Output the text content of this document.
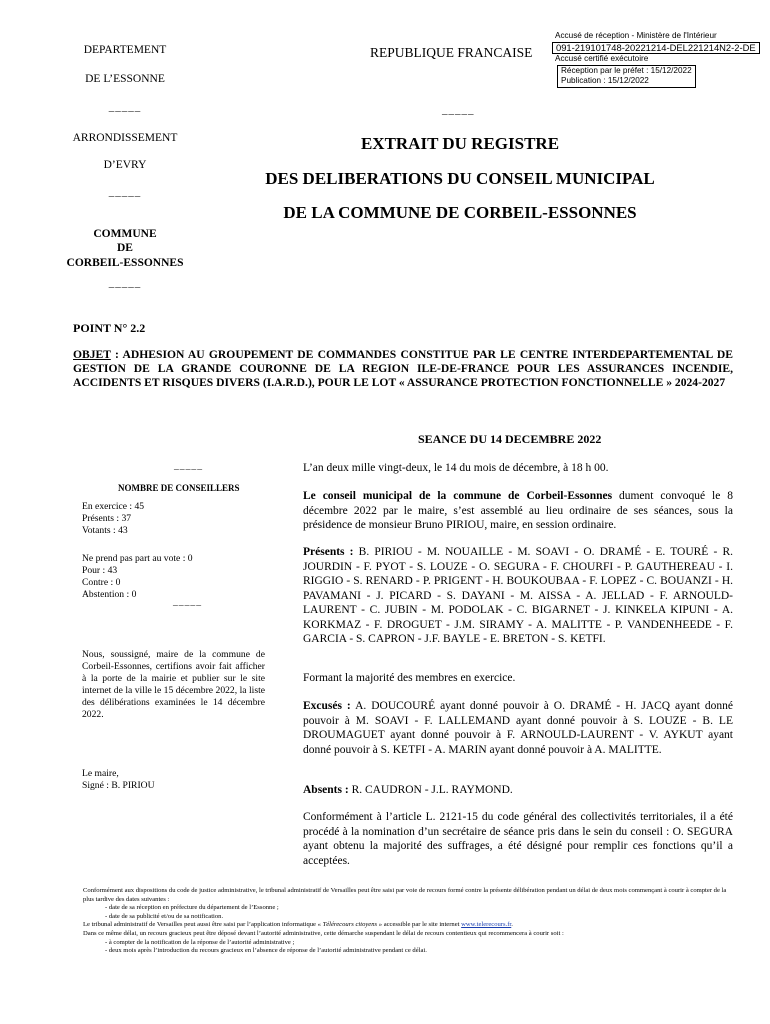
DEPARTEMENT
DE L’ESSONNE
_____
ARRONDISSEMENT
D’EVRY
_____
COMMUNE
DE
CORBEIL-ESSONNES
_____
REPUBLIQUE FRANCAISE
_____
Accusé de réception - Ministère de l'Intérieur
091-219101748-20221214-DEL221214N2-2-DE
Accusé certifié exécutoire
Réception par le préfet : 15/12/2022
Publication : 15/12/2022
EXTRAIT DU REGISTRE
DES DELIBERATIONS DU CONSEIL MUNICIPAL
DE LA COMMUNE DE CORBEIL-ESSONNES
POINT N° 2.2
OBJET : ADHESION AU GROUPEMENT DE COMMANDES CONSTITUE PAR LE CENTRE INTERDEPARTEMENTAL DE GESTION DE LA GRANDE COURONNE DE LA REGION ILE-DE-FRANCE POUR LES ASSURANCES INCENDIE, ACCIDENTS ET RISQUES DIVERS (I.A.R.D.), POUR LE LOT « ASSURANCE PROTECTION FONCTIONNELLE » 2024-2027
SEANCE DU 14 DECEMBRE 2022
_____
NOMBRE DE CONSEILLERS
En exercice : 45
Présents : 37
Votants : 43
Ne prend pas part au vote : 0
Pour : 43
Contre : 0
Abstention : 0
_____
Nous, soussigné, maire de la commune de Corbeil-Essonnes, certifions avoir fait afficher à la porte de la mairie et publier sur le site internet de la ville le 15 décembre 2022, la liste des délibérations examinées le 14 décembre 2022.
Le maire,
Signé : B. PIRIOU
L’an deux mille vingt-deux, le 14 du mois de décembre, à 18 h 00.
Le conseil municipal de la commune de Corbeil-Essonnes dument convoqué le 8 décembre 2022 par le maire, s’est assemblé au lieu ordinaire de ses séances, sous la présidence de monsieur Bruno PIRIOU, maire, en session ordinaire.
Présents : B. PIRIOU - M. NOUAILLE - M. SOAVI - O. DRAMÉ - E. TOURÉ - R. JOURDIN - F. PYOT - S. LOUZE - O. SEGURA - F. CHOURFI - P. GAUTHEREAU - I. RIGGIO - S. RENARD - P. PRIGENT - H. BOUKOUBAA - F. LOPEZ - C. BOUANZI - H. PAVAMANI - J. PICARD - S. DAYANI - M. AISSA - A. JELLAD - F. ARNOULD-LAURENT - C. JUBIN - M. PODOLAK - C. BIGARNET - J. KINKELA KIPUNI - A. KORKMAZ - F. DROGUET - J.M. SIRAMY - A. MALITTE - P. VANDENHEEDE - F. GARCIA - S. CAPRON - J.F. BAYLE - E. BRETON - S. KETFI.
Formant la majorité des membres en exercice.
Excusés : A. DOUCOURÉ ayant donné pouvoir à O. DRAMÉ - H. JACQ ayant donné pouvoir à M. SOAVI - F. LALLEMAND ayant donné pouvoir à S. LOUZE - B. LE DROUMAGUET ayant donné pouvoir à F. ARNOULD-LAURENT - V. AYKUT ayant donné pouvoir à S. KETFI - A. MARIN ayant donné pouvoir à A. MALITTE.
Absents : R. CAUDRON - J.L. RAYMOND.
Conformément à l’article L. 2121-15 du code général des collectivités territoriales, il a été procédé à la nomination d’un secrétaire de séance pris dans le sein du conseil : O. SEGURA ayant obtenu la majorité des suffrages, a été désigné pour remplir ces fonctions qu’il a acceptées.
Conformément aux dispositions du code de justice administrative, le tribunal administratif de Versailles peut être saisi par voie de recours formé contre la présente délibération pendant un délai de deux mois commençant à courir à compter de la plus tardive des dates suivantes :
- date de sa réception en préfecture du département de l’Essonne ;
- date de sa publicité et/ou de sa notification.
Le tribunal administratif de Versailles peut aussi être saisi par l’application informatique « Télérecours citoyens » accessible par le site internet www.telerecours.fr.
Dans ce même délai, un recours gracieux peut être déposé devant l’autorité administrative, cette démarche suspendant le délai de recours contentieux qui recommencera à courir soit :
- à compter de la notification de la réponse de l’autorité administrative ;
- deux mois après l’introduction du recours gracieux en l’absence de réponse de l’autorité administrative pendant ce délai.
